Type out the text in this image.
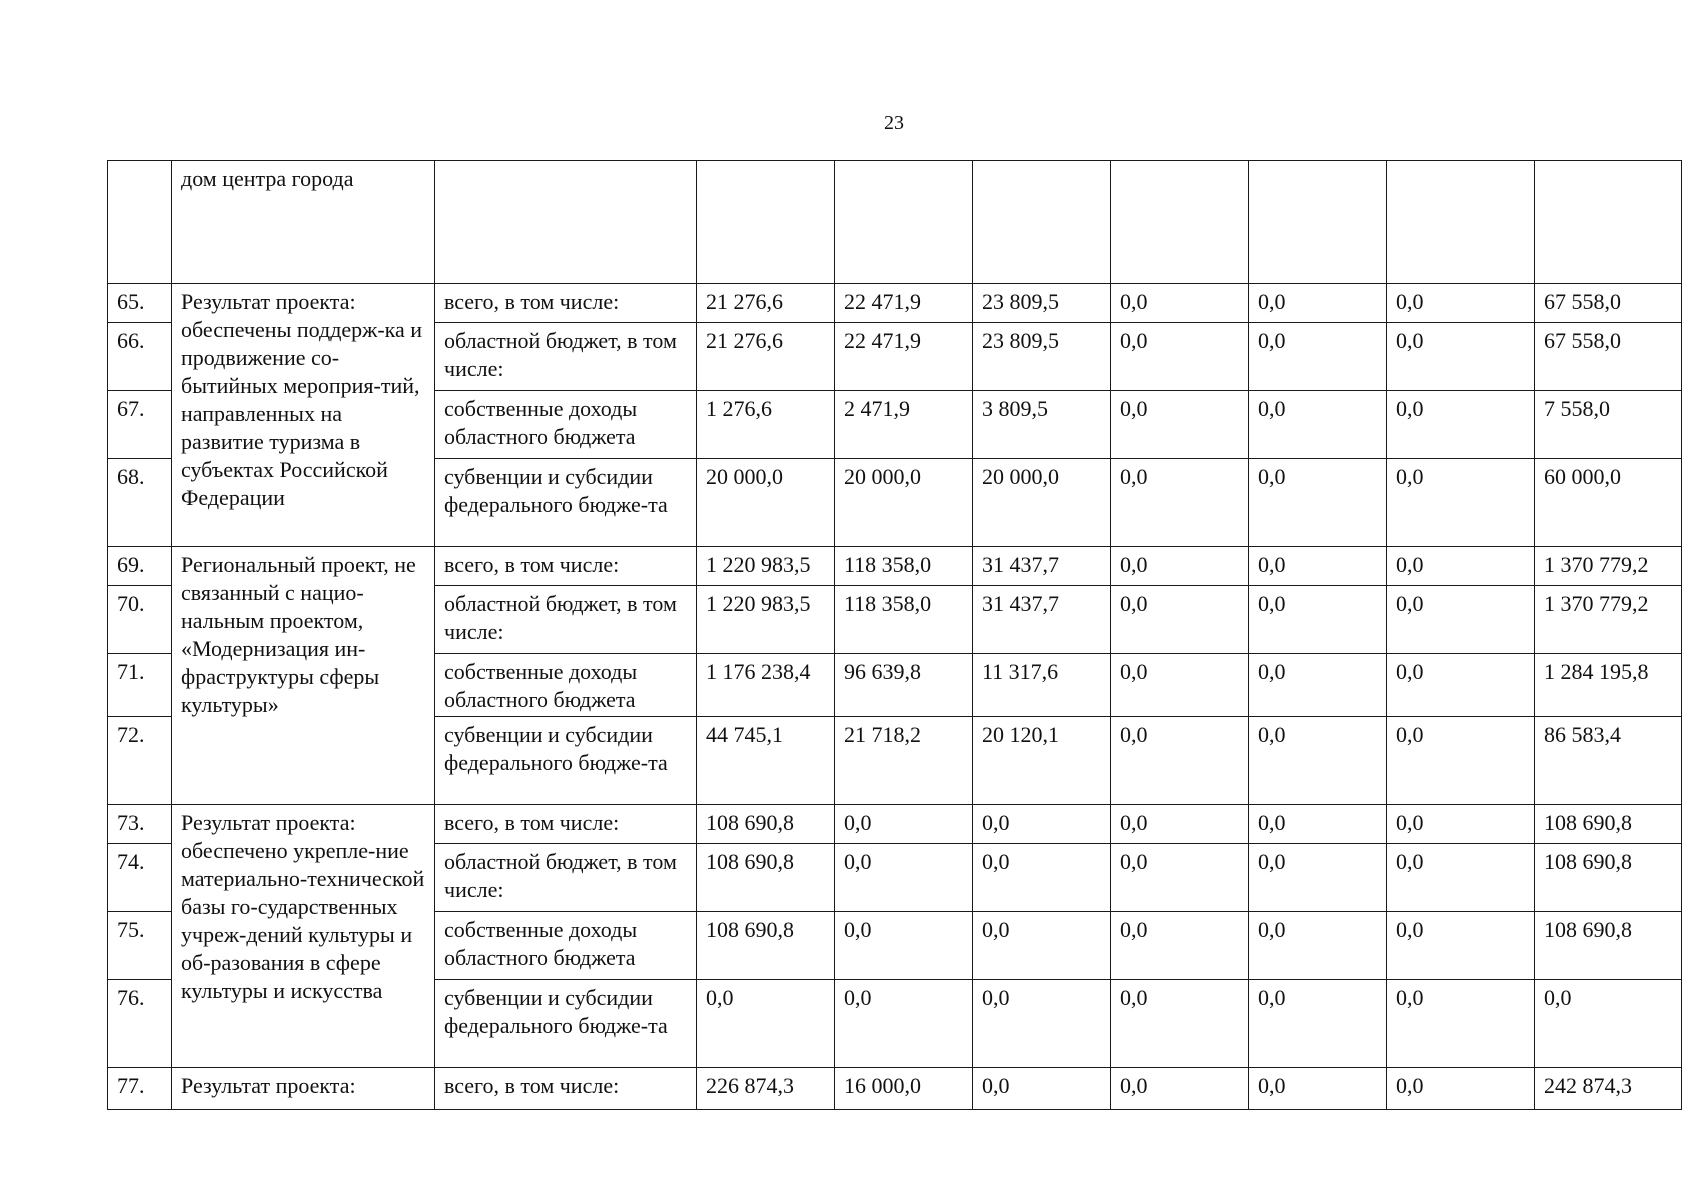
23
	дом центра города								
65.	Результат проекта: обеспечены поддерж-ка и продвижение со-бытийных мероприя-тий, направленных на развитие туризма в субъектах Российской Федерации	всего, в том числе:	21 276,6	22 471,9	23 809,5	0,0	0,0	0,0	67 558,0
66.		областной бюджет, в том числе:	21 276,6	22 471,9	23 809,5	0,0	0,0	0,0	67 558,0
67.		собственные доходы областного бюджета	1 276,6	2 471,9	3 809,5	0,0	0,0	0,0	7 558,0
68.		субвенции и субсидии федерального бюдже-та	20 000,0	20 000,0	20 000,0	0,0	0,0	0,0	60 000,0
69.	Региональный проект, не связанный с нацио-нальным проектом, «Модернизация ин-фраструктуры сферы культуры»	всего, в том числе:	1 220 983,5	118 358,0	31 437,7	0,0	0,0	0,0	1 370 779,2
70.		областной бюджет, в том числе:	1 220 983,5	118 358,0	31 437,7	0,0	0,0	0,0	1 370 779,2
71.		собственные доходы областного бюджета	1 176 238,4	96 639,8	11 317,6	0,0	0,0	0,0	1 284 195,8
72.		субвенции и субсидии федерального бюдже-та	44 745,1	21 718,2	20 120,1	0,0	0,0	0,0	86 583,4
73.	Результат проекта: обеспечено укрепле-ние материально-технической базы го-сударственных учреж-дений культуры и об-разования в сфере культуры и искусства	всего, в том числе:	108 690,8	0,0	0,0	0,0	0,0	0,0	108 690,8
74.		областной бюджет, в том числе:	108 690,8	0,0	0,0	0,0	0,0	0,0	108 690,8
75.		собственные доходы областного бюджета	108 690,8	0,0	0,0	0,0	0,0	0,0	108 690,8
76.		субвенции и субсидии федерального бюдже-та	0,0	0,0	0,0	0,0	0,0	0,0	0,0
77.	Результат проекта:	всего, в том числе:	226 874,3	16 000,0	0,0	0,0	0,0	0,0	242 874,3
